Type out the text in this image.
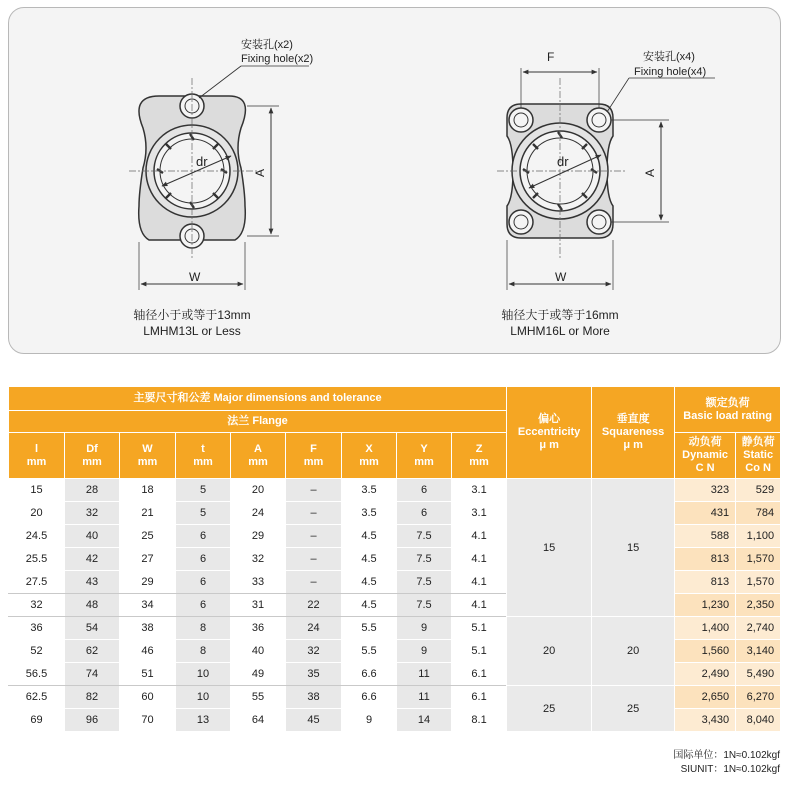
安装孔(x2)
Fixing hole(x2)
A
W
dr
轴径小于或等于13mm
LMHM13L or Less
F	安装孔(x4)
Fixing hole(x4)
A
W
dr
轴径大于或等于16mm
LMHM16L or More
主要尺寸和公差 Major dimensions and tolerance									偏心
Eccentricity
μ m	垂直度
Squareness
μ m	额定负荷
Basic load rating	
法兰 Flange												
l
mm	Df
mm	W
mm	t
mm	A
mm	F
mm	X
mm	Y
mm	Z
mm			动负荷
Dynamic
C N	静负荷
Static
Co N
15	28	18	5	20	–	3.5	6	3.1	15	15	323	529
20	32	21	5	24	–	3.5	6	3.1			431	784
24.5	40	25	6	29	–	4.5	7.5	4.1			588	1,100
25.5	42	27	6	32	–	4.5	7.5	4.1			813	1,570
27.5	43	29	6	33	–	4.5	7.5	4.1			813	1,570
32	48	34	6	31	22	4.5	7.5	4.1			1,230	2,350
36	54	38	8	36	24	5.5	9	5.1	20	20	1,400	2,740
52	62	46	8	40	32	5.5	9	5.1			1,560	3,140
56.5	74	51	10	49	35	6.6	11	6.1			2,490	5,490
62.5	82	60	10	55	38	6.6	11	6.1	25	25	2,650	6,270
69	96	70	13	64	45	9	14	8.1			3,430	8,040
国际单位：1N≈0.102kgf
SIUNIT：1N≈0.102kgf
